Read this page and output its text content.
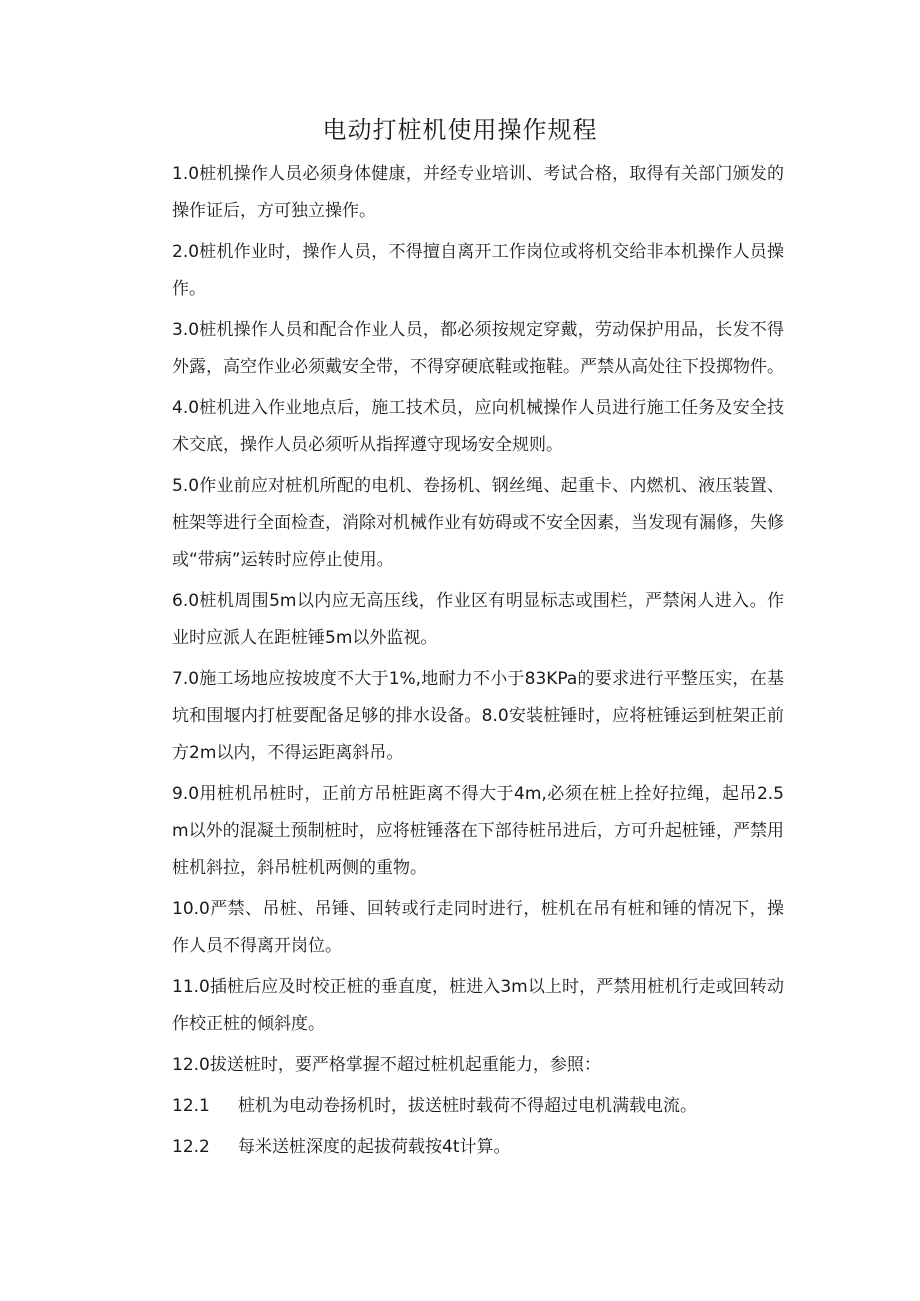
电动打桩机使用操作规程

1.0桩机操作人员必须身体健康，并经专业培训、考试合格，取得有关部门颁发的操作证后，方可独立操作。

2.0桩机作业时，操作人员，不得擅自离开工作岗位或将机交给非本机操作人员操作。

3.0桩机操作人员和配合作业人员，都必须按规定穿戴，劳动保护用品，长发不得外露，高空作业必须戴安全带，不得穿硬底鞋或拖鞋。严禁从高处往下投掷物件。

4.0桩机进入作业地点后，施工技术员，应向机械操作人员进行施工任务及安全技术交底，操作人员必须听从指挥遵守现场安全规则。

5.0作业前应对桩机所配的电机、卷扬机、钢丝绳、起重卡、内燃机、液压装置、桩架等进行全面检查，消除对机械作业有妨碍或不安全因素，当发现有漏修，失修或“带病”运转时应停止使用。

6.0桩机周围5m以内应无高压线，作业区有明显标志或围栏，严禁闲人进入。作业时应派人在距桩锤5m以外监视。

7.0施工场地应按坡度不大于1%,地耐力不小于83KPa的要求进行平整压实，在基坑和围堰内打桩要配备足够的排水设备。8.0安装桩锤时，应将桩锤运到桩架正前方2m以内，不得运距离斜吊。

9.0用桩机吊桩时，正前方吊桩距离不得大于4m,必须在桩上拴好拉绳，起吊2.5m以外的混凝土预制桩时，应将桩锤落在下部待桩吊进后，方可升起桩锤，严禁用桩机斜拉，斜吊桩机两侧的重物。

10.0严禁、吊桩、吊锤、回转或行走同时进行，桩机在吊有桩和锤的情况下，操作人员不得离开岗位。

11.0插桩后应及时校正桩的垂直度，桩进入3m以上时，严禁用桩机行走或回转动作校正桩的倾斜度。

12.0拔送桩时，要严格掌握不超过桩机起重能力，参照：

12.1	桩机为电动卷扬机时，拔送桩时载荷不得超过电机满载电流。
12.2	每米送桩深度的起拔荷载按4t计算。
